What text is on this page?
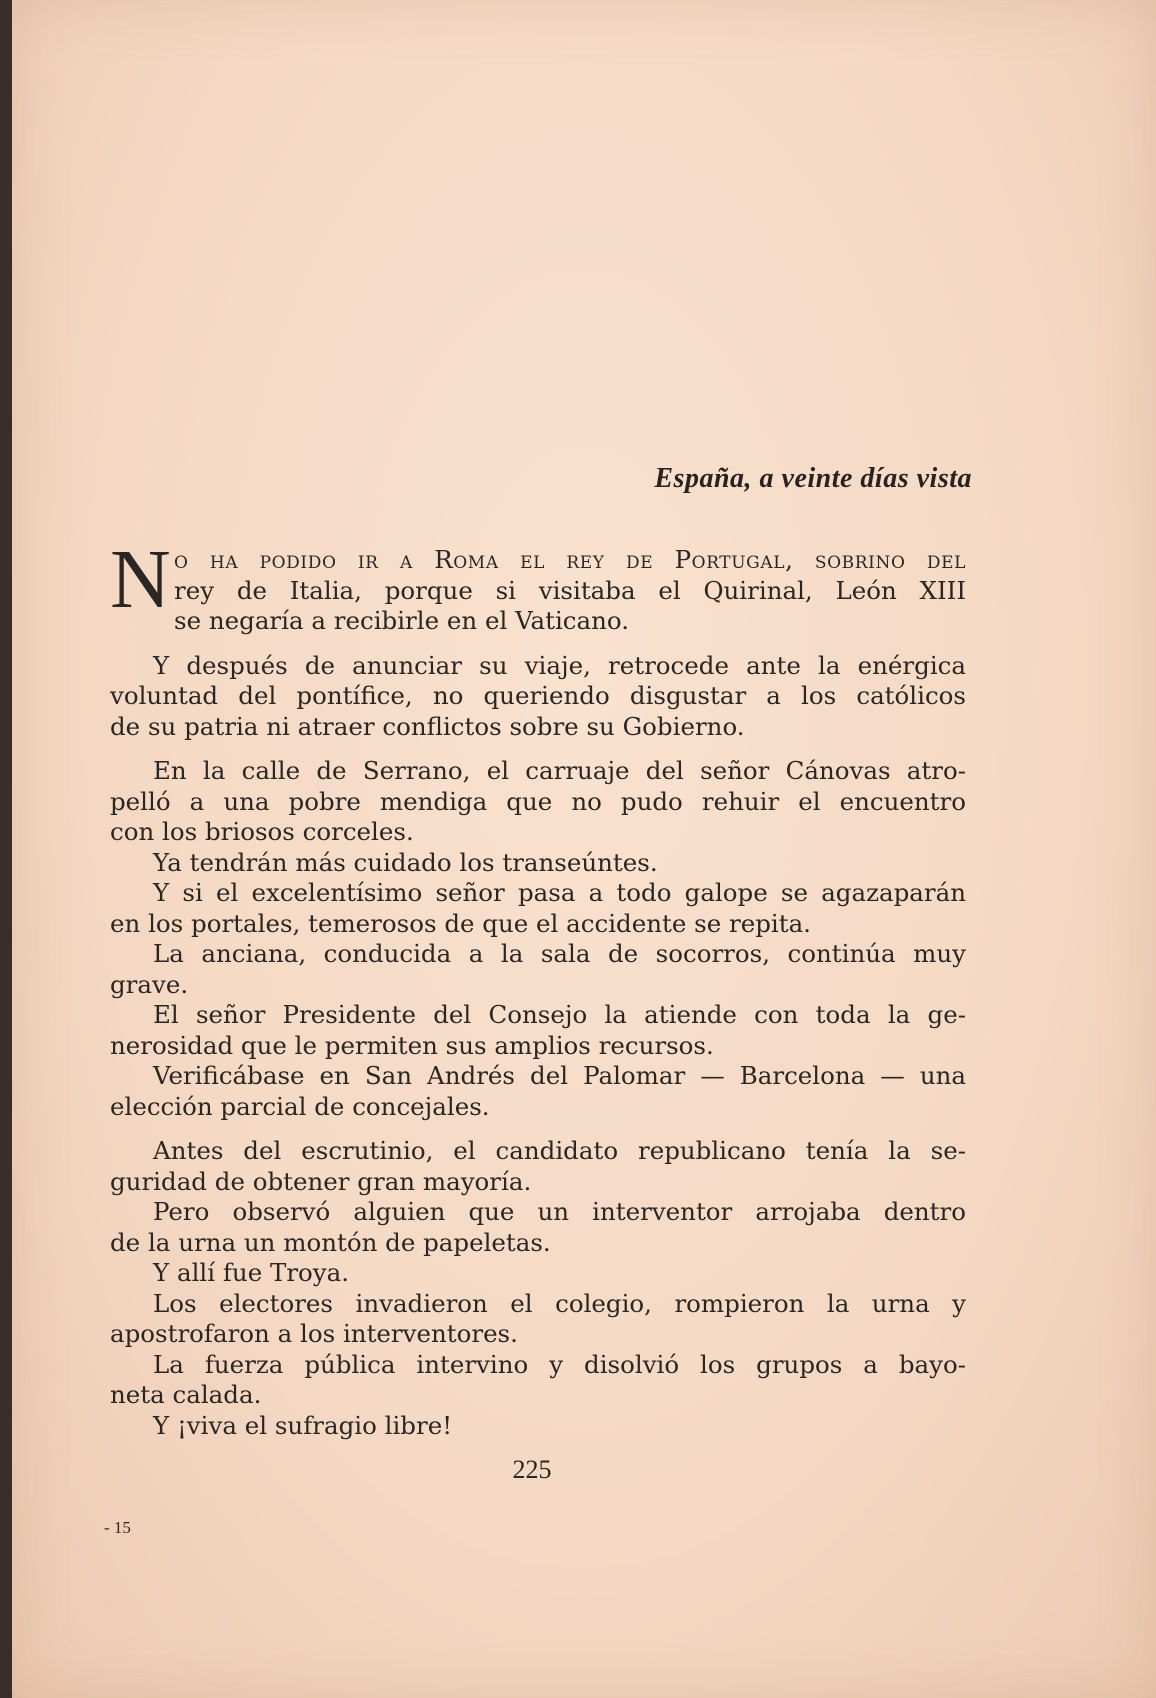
España, a veinte días vista
N o ha podido ir a Roma el rey de Portugal, sobrino del
rey de Italia, porque si visitaba el Quirinal, León XIII
se negaría a recibirle en el Vaticano.
Y después de anunciar su viaje, retrocede ante la enérgica
voluntad del pontífice, no queriendo disgustar a los católicos
de su patria ni atraer conflictos sobre su Gobierno.
En la calle de Serrano, el carruaje del señor Cánovas atro-
pelló a una pobre mendiga que no pudo rehuir el encuentro
con los briosos corceles.
Ya tendrán más cuidado los transeúntes.
Y si el excelentísimo señor pasa a todo galope se agazaparán
en los portales, temerosos de que el accidente se repita.
La anciana, conducida a la sala de socorros, continúa muy
grave.
El señor Presidente del Consejo la atiende con toda la ge-
nerosidad que le permiten sus amplios recursos.
Verificábase en San Andrés del Palomar — Barcelona — una
elección parcial de concejales.
Antes del escrutinio, el candidato republicano tenía la se-
guridad de obtener gran mayoría.
Pero observó alguien que un interventor arrojaba dentro
de la urna un montón de papeletas.
Y allí fue Troya.
Los electores invadieron el colegio, rompieron la urna y
apostrofaron a los interventores.
La fuerza pública intervino y disolvió los grupos a bayo-
neta calada.
Y ¡viva el sufragio libre!
225
- 15
